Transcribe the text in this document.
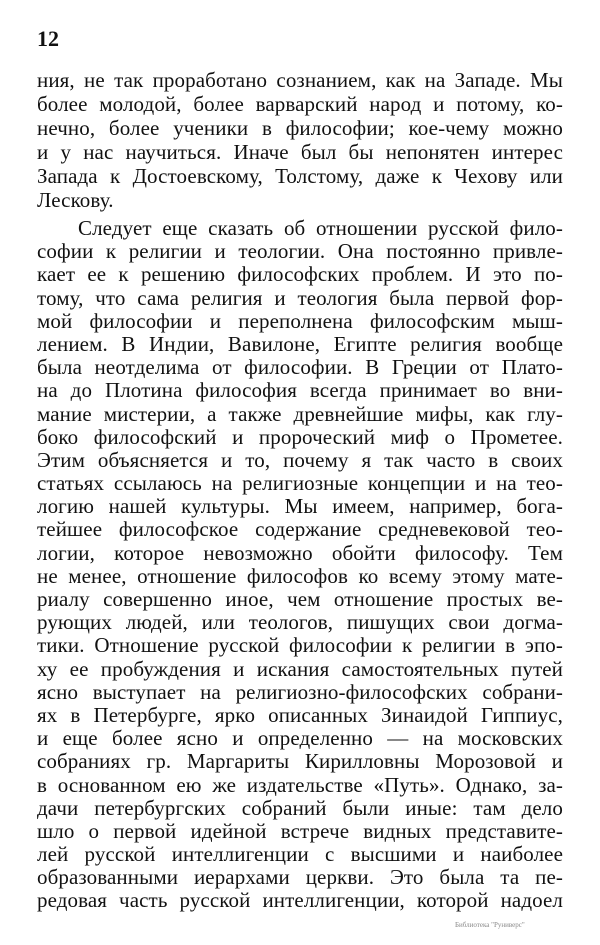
12
ния, не так проработано сознанием, как на Западе. Мы
более молодой, более варварский народ и потому, ко-
нечно, более ученики в философии; кое-чему можно
и у нас научиться. Иначе был бы непонятен интерес
Запада к Достоевскому, Толстому, даже к Чехову или
Лескову.
Следует еще сказать об отношении русской фило-
софии к религии и теологии. Она постоянно привле-
кает ее к решению философских проблем. И это по-
тому, что сама религия и теология была первой фор-
мой философии и переполнена философским мыш-
лением. В Индии, Вавилоне, Египте религия вообще
была неотделима от философии. В Греции от Плато-
на до Плотина философия всегда принимает во вни-
мание мистерии, а также древнейшие мифы, как глу-
боко философский и пророческий миф о Прометее.
Этим объясняется и то, почему я так часто в своих
статьях ссылаюсь на религиозные концепции и на тео-
логию нашей культуры. Мы имеем, например, бога-
тейшее философское содержание средневековой тео-
логии, которое невозможно обойти философу. Тем
не менее, отношение философов ко всему этому мате-
риалу совершенно иное, чем отношение простых ве-
рующих людей, или теологов, пишущих свои догма-
тики. Отношение русской философии к религии в эпо-
ху ее пробуждения и искания самостоятельных путей
ясно выступает на религиозно-философских собрани-
ях в Петербурге, ярко описанных Зинаидой Гиппиус,
и еще более ясно и определенно — на московских
собраниях гр. Маргариты Кирилловны Морозовой и
в основанном ею же издательстве «Путь». Однако, за-
дачи петербургских собраний были иные: там дело
шло о первой идейной встрече видных представите-
лей русской интеллигенции с высшими и наиболее
образованными иерархами церкви. Это была та пе-
редовая часть русской интеллигенции, которой надоел
Библиотека "Руниверс"
